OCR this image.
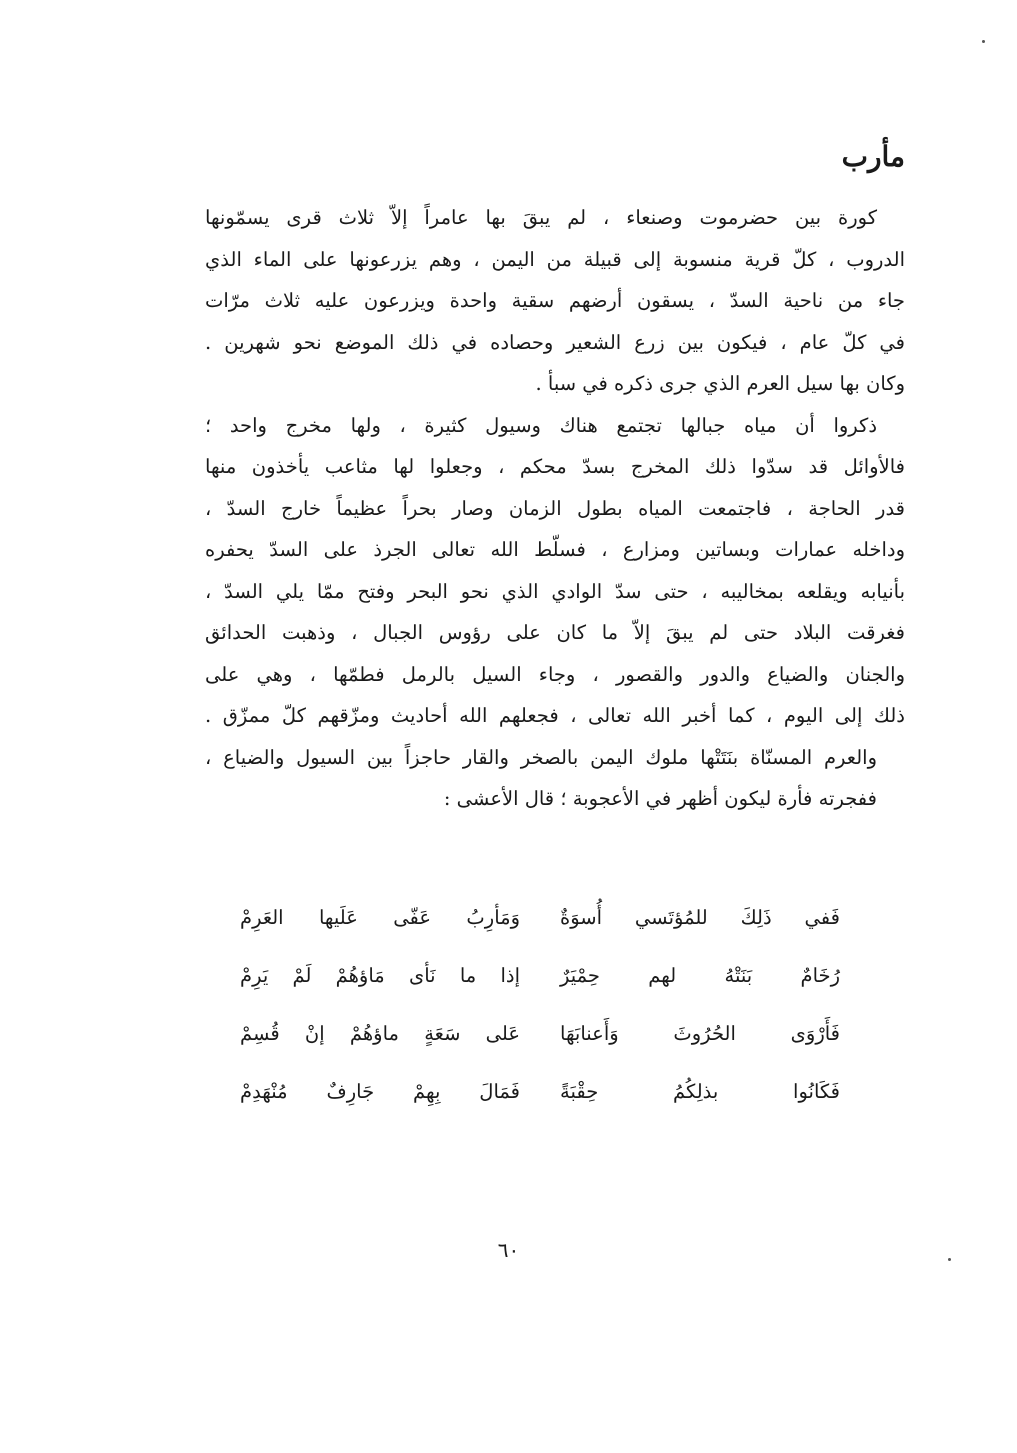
مأرب
كورة بين حضرموت وصنعاء ، لم يبقَ بها عامراً إلاّ ثلاث قرى يسمّونها
الدروب ، كلّ قرية منسوبة إلى قبيلة من اليمن ، وهم يزرعونها على الماء الذي
جاء من ناحية السدّ ، يسقون أرضهم سقية واحدة ويزرعون عليه ثلاث مرّات
في كلّ عام ، فيكون بين زرع الشعير وحصاده في ذلك الموضع نحو شهرين .
وكان بها سيل العرم الذي جرى ذكره في سبأ .
ذكروا أن مياه جبالها تجتمع هناك وسيول كثيرة ، ولها مخرج واحد ؛
فالأوائل قد سدّوا ذلك المخرج بسدّ محكم ، وجعلوا لها مثاعب يأخذون منها
قدر الحاجة ، فاجتمعت المياه بطول الزمان وصار بحراً عظيماً خارج السدّ ،
وداخله عمارات وبساتين ومزارع ، فسلّط الله تعالى الجرذ على السدّ يحفره
بأنيابه ويقلعه بمخاليبه ، حتى سدّ الوادي الذي نحو البحر وفتح ممّا يلي السدّ ،
فغرقت البلاد حتى لم يبقَ إلاّ ما كان على رؤوس الجبال ، وذهبت الحدائق
والجنان والضياع والدور والقصور ، وجاء السيل بالرمل فطمّها ، وهي على
ذلك إلى اليوم ، كما أخبر الله تعالى ، فجعلهم الله أحاديث ومزّقهم كلّ ممزّق .
والعرم المسنّاة بنَتَتْها ملوك اليمن بالصخر والقار حاجزاً بين السيول والضياع ،
ففجرته فأرة ليكون أظهر في الأعجوبة ؛ قال الأعشى :
فَفي ذَلِكَ للمُؤتَسي أُسوَةٌ
وَمَأرِبُ عَفّى عَلَيها العَرِمْ
رُخَامٌ بَنَتْهُ لهم حِمْيَرٌ
إذا ما نَأى مَاؤهُمْ لَمْ يَرِمْ
فَأَرْوَى الحُرُوثَ وَأَعنابَهَا
عَلى سَعَةٍ ماؤهُمْ إنْ قُسِمْ
فَكَانُوا بذلِكُمُ حِقْبَةً
فَمَالَ بِهِمْ جَارِفٌ مُنْهَدِمْ
٦٠
